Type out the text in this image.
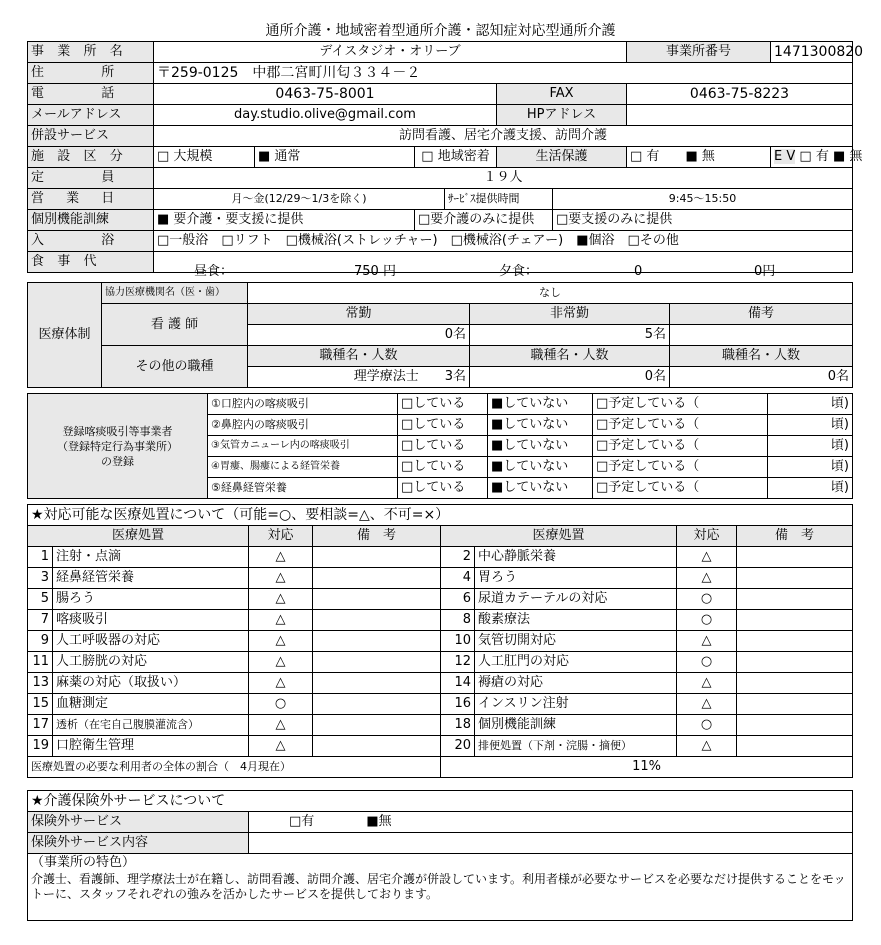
通所介護・地域密着型通所介護・認知症対応型通所介護
事 業 所 名	デイスタジオ・オリーブ						事業所番号	1471300820
住　　　所	〒259-0125　中郡二宮町川匂３３４－２							
電　　　話	0463-75-8001				FAX		0463-75-8223	
メールアドレス	day.studio.olive@gmail.com				HPアドレス			
併設サービス	訪問看護、居宅介護支援、訪問介護							
施 設 区 分	□ 大規模	■ 通常	□ 地域密着		生活保護		□ 有　　 ■ 無	E V □ 有 ■ 無
定　　　員	１９人							
営　業　日	月～金(12/29～1/3を除く)			ｻｰﾋﾞｽ提供時間		9:45～15:50		
個別機能訓練	■ 要介護・要支援に提供		□要介護のみに提供			□要支援のみに提供		
入　　　浴	□一般浴　 □リフト　 □機械浴(ストレッチャー)　 □機械浴(チェアー)　 ■個浴　 □その他							
食 事 代	昼食： 750 円 夕食： 0 0円							
医療体制	協力医療機関名（医・歯）	なし		
	看 護 師	常勤	非常勤	備考
		0名	5名	
	その他の職種	職種名・人数	職種名・人数	職種名・人数
		理学療法士　　 3名	0名	0名
登録喀痰吸引等事業者
（登録特定行為事業所）
の登録	①口腔内の喀痰吸引	□している	■していない	□予定している（	頃)
	②鼻腔内の喀痰吸引	□している	■していない	□予定している（	頃)
	③気管カニューレ内の喀痰吸引	□している	■していない	□予定している（	頃)
	④胃瘻、腸瘻による経管栄養	□している	■していない	□予定している（	頃)
	⑤経鼻経管栄養	□している	■していない	□予定している（	頃)
★対応可能な医療処置について（可能=○、要相談=△、不可=×）							
医療処置		対応	備　考	医療処置		対応	備　考
1	注射・点滴	△		2	中心静脈栄養	△	
3	経鼻経管栄養	△		4	胃ろう	△	
5	腸ろう	△		6	尿道カテーテルの対応	○	
7	喀痰吸引	△		8	酸素療法	○	
9	人工呼吸器の対応	△		10	気管切開対応	△	
11	人工膀胱の対応	△		12	人工肛門の対応	○	
13	麻薬の対応（取扱い）	△		14	褥瘡の対応	△	
15	血糖測定	○		16	インスリン注射	△	
17	透析（在宅自己腹膜灌流含）	△		18	個別機能訓練	○	
19	口腔衛生管理	△		20	排便処置（下剤・浣腸・摘便）	△	
医療処置の必要な利用者の全体の割合（　4月現在）				11%			
★介護保険外サービスについて	
保険外サービス	□有　　　　 ■無
保険外サービス内容	

（事業所の特色）
介護士、看護師、理学療法士が在籍し、訪問看護、訪問介護、居宅介護が併設しています。利用者様が必要なサービスを必要なだけ提供することをモットーに、スタッフそれぞれの強みを活かしたサービスを提供しております。	
